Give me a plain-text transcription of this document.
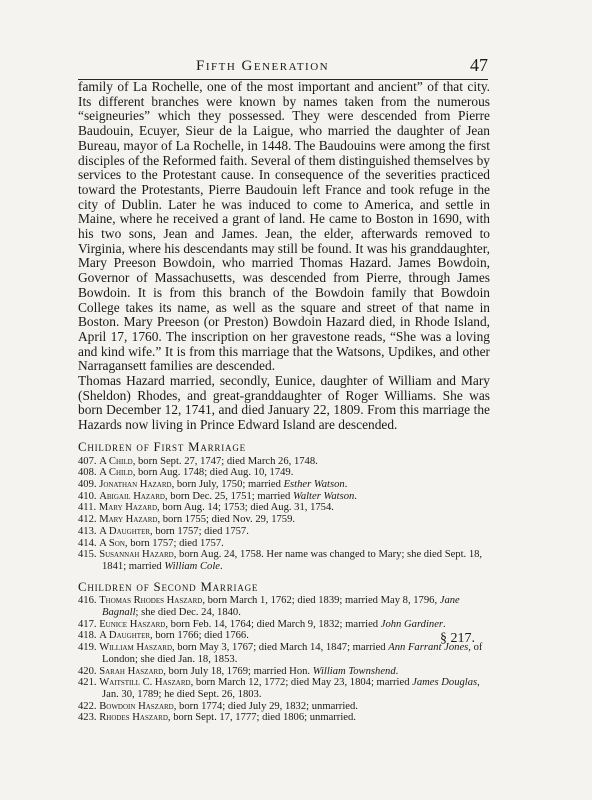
Fifth Generation	47

family of La Rochelle, one of the most important and ancient” of that city. Its different branches were known by names taken from the numerous “seigneuries” which they possessed. They were descended from Pierre Baudouin, Ecuyer, Sieur de la Laigue, who married the daughter of Jean Bureau, mayor of La Rochelle, in 1448. The Baudouins were among the first disciples of the Reformed faith. Several of them distinguished themselves by services to the Protestant cause. In consequence of the severities practiced toward the Protestants, Pierre Baudouin left France and took refuge in the city of Dublin. Later he was induced to come to America, and settle in Maine, where he received a grant of land. He came to Boston in 1690, with his two sons, Jean and James. Jean, the elder, afterwards removed to Virginia, where his descendants may still be found. It was his granddaughter, Mary Preeson Bowdoin, who married Thomas Hazard. James Bowdoin, Governor of Massachusetts, was descended from Pierre, through James Bowdoin. It is from this branch of the Bowdoin family that Bowdoin College takes its name, as well as the square and street of that name in Boston. Mary Preeson (or Preston) Bowdoin Hazard died, in Rhode Island, April 17, 1760. The inscription on her gravestone reads, “She was a loving and kind wife.” It is from this marriage that the Watsons, Updikes, and other Narragansett families are descended.

Thomas Hazard married, secondly, Eunice, daughter of William and Mary (Sheldon) Rhodes, and great-granddaughter of Roger Williams. She was born December 12, 1741, and died January 22, 1809. From this marriage the Hazards now living in Prince Edward Island are descended.

Children of First Marriage
407. A Child, born Sept. 27, 1747; died March 26, 1748.
408. A Child, born Aug. 1748; died Aug. 10, 1749.
409. Jonathan Hazard, born July, 1750; married Esther Watson.
410. Abigail Hazard, born Dec. 25, 1751; married Walter Watson.
411. Mary Hazard, born Aug. 14; 1753; died Aug. 31, 1754.
412. Mary Hazard, born 1755; died Nov. 29, 1759.
413. A Daughter, born 1757; died 1757.
414. A Son, born 1757; died 1757.
415. Susannah Hazard, born Aug. 24, 1758. Her name was changed to Mary; she died Sept. 18, 1841; married William Cole.
Children of Second Marriage
416. Thomas Rhodes Haszard, born March 1, 1762; died 1839; married May 8, 1796, Jane Bagnall; she died Dec. 24, 1840.
417. Eunice Haszard, born Feb. 14, 1764; died March 9, 1832; married John Gardiner.
418. A Daughter, born 1766; died 1766.
419. William Haszard, born May 3, 1767; died March 14, 1847; married Ann Farrant Jones, of London; she died Jan. 18, 1853.
420. Sarah Haszard, born July 18, 1769; married Hon. William Townshend.
421. Waitstill C. Haszard, born March 12, 1772; died May 23, 1804; married James Douglas, Jan. 30, 1789; he died Sept. 26, 1803.
422. Bowdoin Haszard, born 1774; died July 29, 1832; unmarried.
423. Rhodes Haszard, born Sept. 17, 1777; died 1806; unmarried.
§ 217.
